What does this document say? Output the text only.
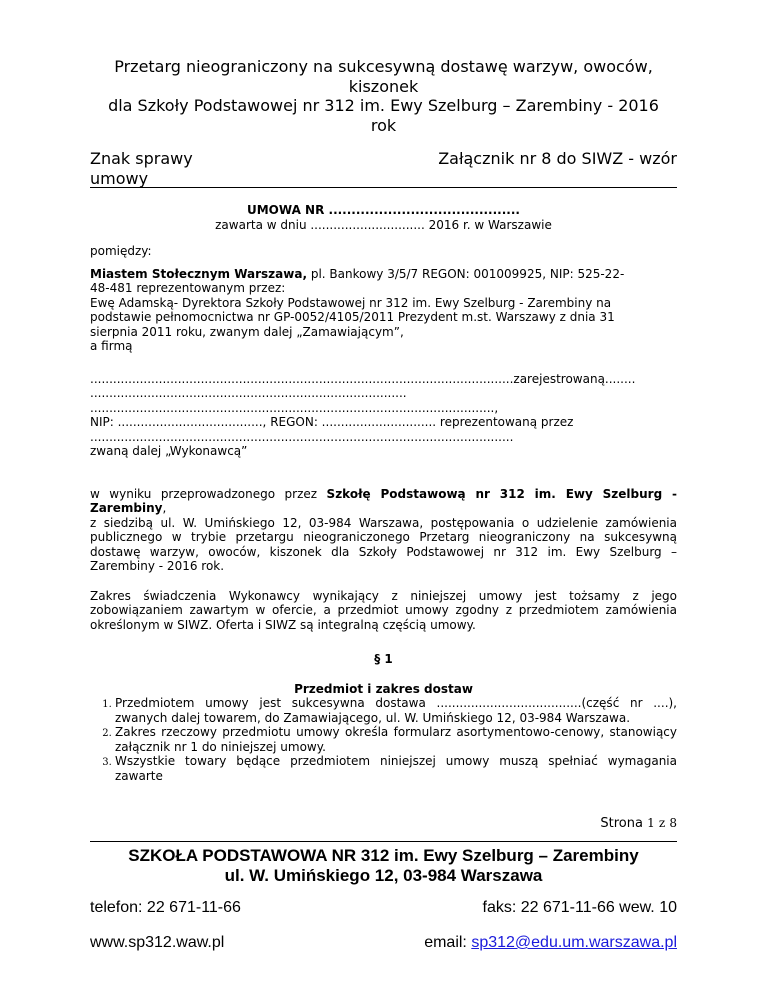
Przetarg nieograniczony na sukcesywną dostawę warzyw, owoców,
kiszonek
dla Szkoły Podstawowej nr 312 im. Ewy Szelburg – Zarembiny - 2016
rok
Znak sprawy
umowy
Załącznik nr 8 do SIWZ - wzór

UMOWA NR ..........................................

zawarta w dniu .............................. 2016 r. w Warszawie

pomiędzy:

Miastem Stołecznym Warszawa, pl. Bankowy 3/5/7 REGON: 001009925, NIP: 525-22-
48-481 reprezentowanym przez:

Ewę Adamską- Dyrektora Szkoły Podstawowej nr 312 im. Ewy Szelburg - Zarembiny na

podstawie pełnomocnictwa nr GP-0052/4105/2011 Prezydent m.st. Warszawy z dnia 31

sierpnia 2011 roku, zwanym dalej „Zamawiającym”,

a firmą

...............................................................................................................zarejestrowaną........

...................................................................................

..........................................................................................................,

NIP: ......................................, REGON: .............................. reprezentowaną przez

...............................................................................................................

zwaną dalej „Wykonawcą”

w wyniku przeprowadzonego przez Szkołę Podstawową nr 312 im. Ewy Szelburg - Zarembiny,
z siedzibą ul. W. Umińskiego 12, 03-984 Warszawa, postępowania o udzielenie zamówienia publicznego w trybie przetargu nieograniczonego Przetarg nieograniczony na sukcesywną dostawę warzyw, owoców, kiszonek dla Szkoły Podstawowej nr 312 im. Ewy Szelburg – Zarembiny - 2016 rok.

Zakres świadczenia Wykonawcy wynikający z niniejszej umowy jest tożsamy z jego zobowiązaniem zawartym w ofercie, a przedmiot umowy zgodny z przedmiotem zamówienia określonym w SIWZ. Oferta i SIWZ są integralną częścią umowy.

§ 1

Przedmiot i zakres dostaw

1. Przedmiotem umowy jest sukcesywna dostawa ......................................(część nr ....), zwanych dalej towarem, do Zamawiającego, ul. W. Umińskiego 12, 03-984 Warszawa.
2. Zakres rzeczowy przedmiotu umowy określa formularz asortymentowo-cenowy, stanowiący załącznik nr 1 do niniejszej umowy.
3. Wszystkie towary będące przedmiotem niniejszej umowy muszą spełniać wymagania zawarte
Strona 1 z 8
SZKOŁA PODSTAWOWA NR 312 im. Ewy Szelburg – Zarembiny
ul. W. Umińskiego 12, 03-984 Warszawa
telefon: 22 671-11-66	faks: 22 671-11-66 wew. 10
www.sp312.waw.pl	email: sp312@edu.um.warszawa.pl
